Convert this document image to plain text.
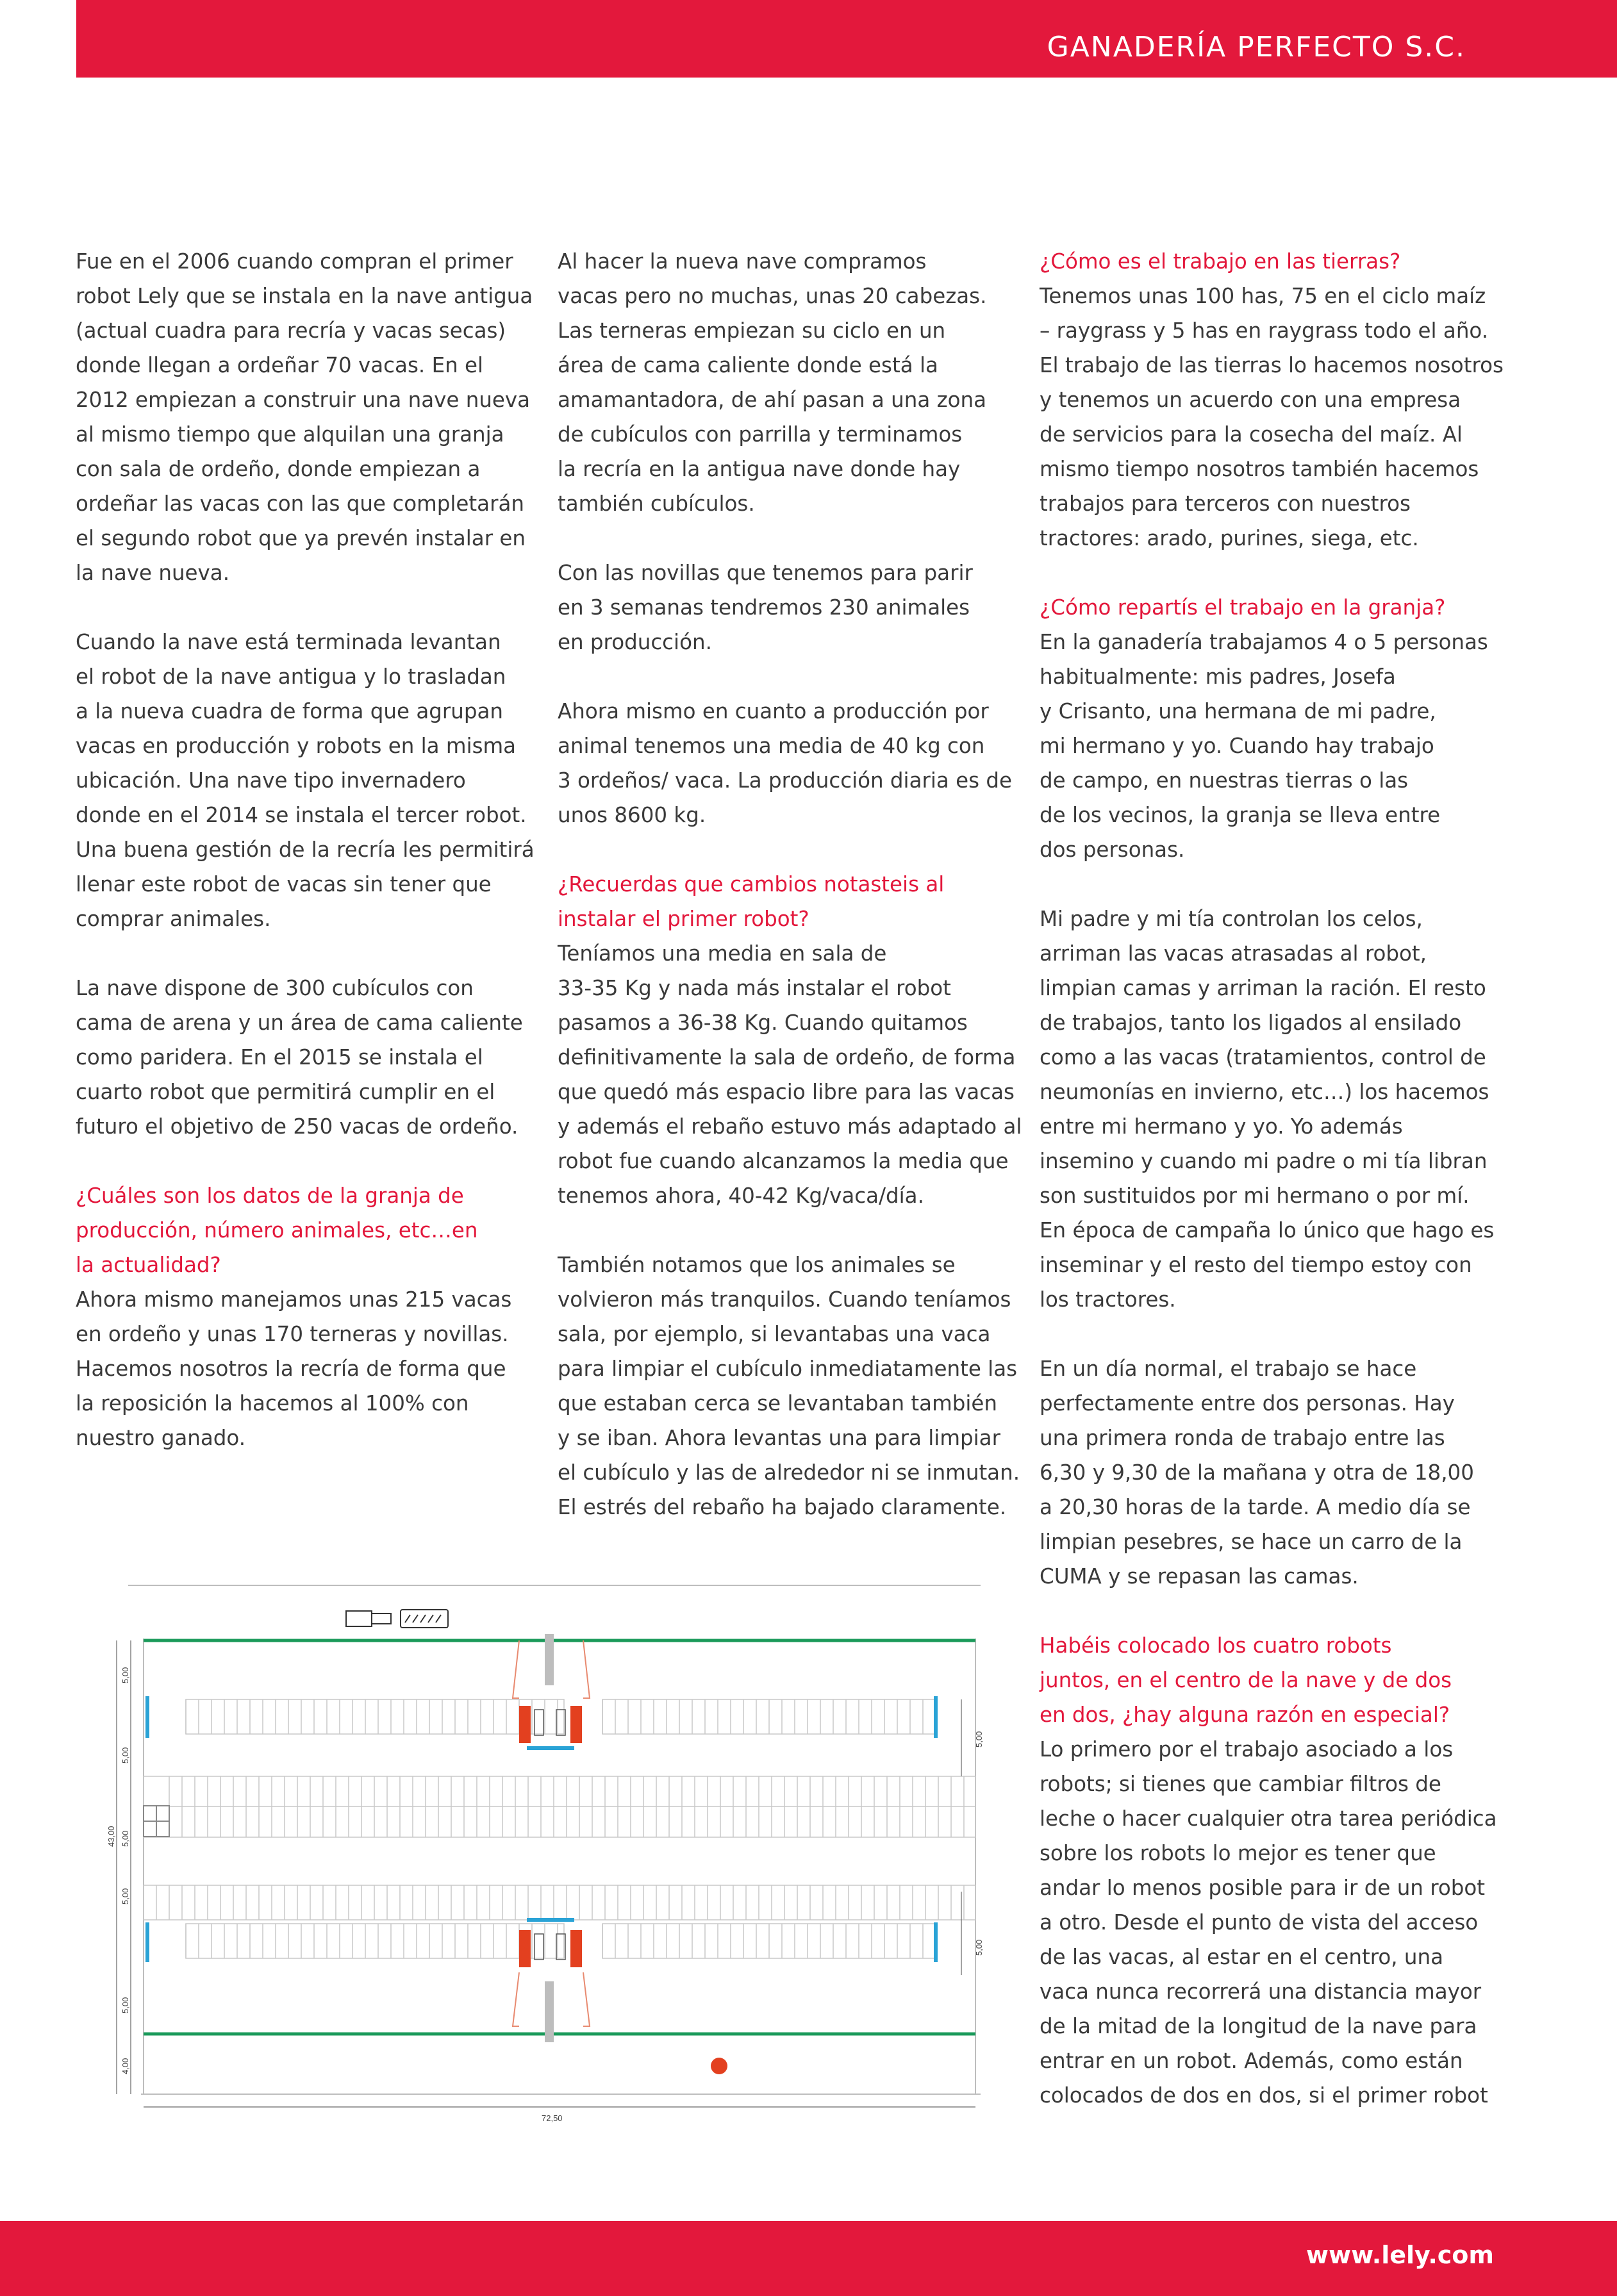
GANADERÍA PERFECTO S.C.

Fue en el 2006 cuando compran el primer
robot Lely que se instala en la nave antigua
(actual cuadra para recría y vacas secas)
donde llegan a ordeñar 70 vacas. En el
2012 empiezan a construir una nave nueva
al mismo tiempo que alquilan una granja
con sala de ordeño, donde empiezan a
ordeñar las vacas con las que completarán
el segundo robot que ya prevén instalar en
la nave nueva.

Cuando la nave está terminada levantan
el robot de la nave antigua y lo trasladan
a la nueva cuadra de forma que agrupan
vacas en producción y robots en la misma
ubicación. Una nave tipo invernadero
donde en el 2014 se instala el tercer robot.
Una buena gestión de la recría les permitirá
llenar este robot de vacas sin tener que
comprar animales.

La nave dispone de 300 cubículos con
cama de arena y un área de cama caliente
como paridera. En el 2015 se instala el
cuarto robot que permitirá cumplir en el
futuro el objetivo de 250 vacas de ordeño.

¿Cuáles son los datos de la granja de
producción, número animales, etc…en
la actualidad?
Ahora mismo manejamos unas 215 vacas
en ordeño y unas 170 terneras y novillas.
Hacemos nosotros la recría de forma que
la reposición la hacemos al 100% con
nuestro ganado.

Al hacer la nueva nave compramos
vacas pero no muchas, unas 20 cabezas.
Las terneras empiezan su ciclo en un
área de cama caliente donde está la
amamantadora, de ahí pasan a una zona
de cubículos con parrilla y terminamos
la recría en la antigua nave donde hay
también cubículos.

Con las novillas que tenemos para parir
en 3 semanas tendremos 230 animales
en producción.

Ahora mismo en cuanto a producción por
animal tenemos una media de 40 kg con
3 ordeños/ vaca. La producción diaria es de
unos 8600 kg.

¿Recuerdas que cambios notasteis al
instalar el primer robot?
Teníamos una media en sala de
33-35 Kg y nada más instalar el robot
pasamos a 36-38 Kg. Cuando quitamos
definitivamente la sala de ordeño, de forma
que quedó más espacio libre para las vacas
y además el rebaño estuvo más adaptado al
robot fue cuando alcanzamos la media que
tenemos ahora, 40-42 Kg/vaca/día.

También notamos que los animales se
volvieron más tranquilos. Cuando teníamos
sala, por ejemplo, si levantabas una vaca
para limpiar el cubículo inmediatamente las
que estaban cerca se levantaban también
y se iban. Ahora levantas una para limpiar
el cubículo y las de alrededor ni se inmutan.
El estrés del rebaño ha bajado claramente.

¿Cómo es el trabajo en las tierras?
Tenemos unas 100 has, 75 en el ciclo maíz
– raygrass y 5 has en raygrass todo el año.
El trabajo de las tierras lo hacemos nosotros
y tenemos un acuerdo con una empresa
de servicios para la cosecha del maíz. Al
mismo tiempo nosotros también hacemos
trabajos para terceros con nuestros
tractores: arado, purines, siega, etc.

¿Cómo repartís el trabajo en la granja?
En la ganadería trabajamos 4 o 5 personas
habitualmente: mis padres, Josefa
y Crisanto, una hermana de mi padre,
mi hermano y yo. Cuando hay trabajo
de campo, en nuestras tierras o las
de los vecinos, la granja se lleva entre
dos personas.

Mi padre y mi tía controlan los celos,
arriman las vacas atrasadas al robot,
limpian camas y arriman la ración. El resto
de trabajos, tanto los ligados al ensilado
como a las vacas (tratamientos, control de
neumonías en invierno, etc…) los hacemos
entre mi hermano y yo. Yo además
insemino y cuando mi padre o mi tía libran
son sustituidos por mi hermano o por mí.
En época de campaña lo único que hago es
inseminar y el resto del tiempo estoy con
los tractores.

En un día normal, el trabajo se hace
perfectamente entre dos personas. Hay
una primera ronda de trabajo entre las
6,30 y 9,30 de la mañana y otra de 18,00
a 20,30 horas de la tarde. A medio día se
limpian pesebres, se hace un carro de la
CUMA y se repasan las camas.

Habéis colocado los cuatro robots
juntos, en el centro de la nave y de dos
en dos, ¿hay alguna razón en especial?
Lo primero por el trabajo asociado a los
robots; si tienes que cambiar filtros de
leche o hacer cualquier otra tarea periódica
sobre los robots lo mejor es tener que
andar lo menos posible para ir de un robot
a otro. Desde el punto de vista del acceso
de las vacas, al estar en el centro, una
vaca nunca recorrerá una distancia mayor
de la mitad de la longitud de la nave para
entrar en un robot. Además, como están
colocados de dos en dos, si el primer robot

43,00
5,00
5,00
5,00
5,00
5,00
4,00
5,00
5,00
72,50
www.lely.com
